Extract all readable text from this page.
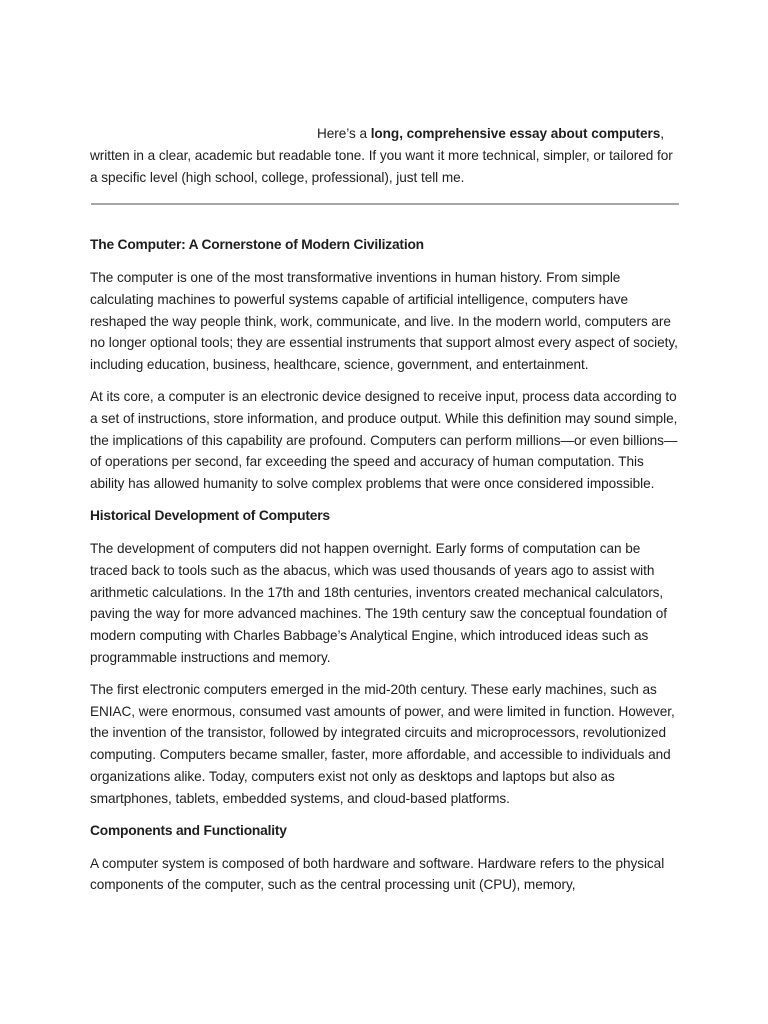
Here’s a long, comprehensive essay about computers, written in a clear, academic but readable tone. If you want it more technical, simpler, or tailored for a specific level (high school, college, professional), just tell me.

The Computer: A Cornerstone of Modern Civilization

The computer is one of the most transformative inventions in human history. From simple calculating machines to powerful systems capable of artificial intelligence, computers have reshaped the way people think, work, communicate, and live. In the modern world, computers are no longer optional tools; they are essential instruments that support almost every aspect of society, including education, business, healthcare, science, government, and entertainment.

At its core, a computer is an electronic device designed to receive input, process data according to a set of instructions, store information, and produce output. While this definition may sound simple, the implications of this capability are profound. Computers can perform millions—or even billions—of operations per second, far exceeding the speed and accuracy of human computation. This ability has allowed humanity to solve complex problems that were once considered impossible.

Historical Development of Computers

The development of computers did not happen overnight. Early forms of computation can be traced back to tools such as the abacus, which was used thousands of years ago to assist with arithmetic calculations. In the 17th and 18th centuries, inventors created mechanical calculators, paving the way for more advanced machines. The 19th century saw the conceptual foundation of modern computing with Charles Babbage’s Analytical Engine, which introduced ideas such as programmable instructions and memory.

The first electronic computers emerged in the mid-20th century. These early machines, such as ENIAC, were enormous, consumed vast amounts of power, and were limited in function. However, the invention of the transistor, followed by integrated circuits and microprocessors, revolutionized computing. Computers became smaller, faster, more affordable, and accessible to individuals and organizations alike. Today, computers exist not only as desktops and laptops but also as smartphones, tablets, embedded systems, and cloud-based platforms.

Components and Functionality

A computer system is composed of both hardware and software. Hardware refers to the physical components of the computer, such as the central processing unit (CPU), memory,
